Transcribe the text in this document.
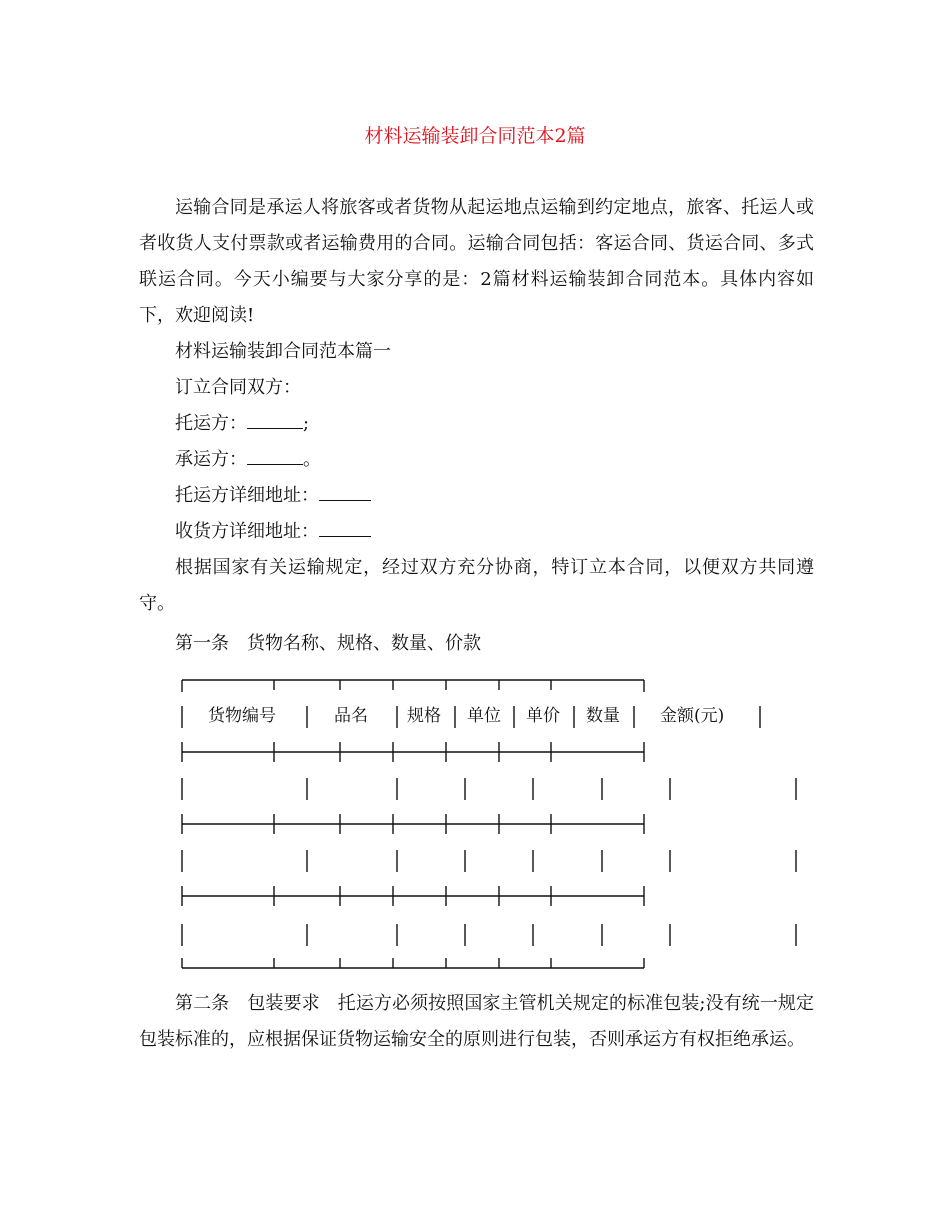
材料运输装卸合同范本2篇

运输合同是承运人将旅客或者货物从起运地点运输到约定地点，旅客、托运人或者收货人支付票款或者运输费用的合同。运输合同包括：客运合同、货运合同、多式联运合同。今天小编要与大家分享的是：2篇材料运输装卸合同范本。具体内容如下，欢迎阅读!

材料运输装卸合同范本篇一
订立合同双方：
托运方：	;
承运方：	。
托运方详细地址：
收货方详细地址：

根据国家有关运输规定，经过双方充分协商，特订立本合同，以便双方共同遵守。

第一条　货物名称、规格、数量、价款
货物编号	品名 规格 单位 单价 数量 金额(元)

第二条　包装要求　托运方必须按照国家主管机关规定的标准包装;没有统一规定包装标准的，应根据保证货物运输安全的原则进行包装，否则承运方有权拒绝承运。
